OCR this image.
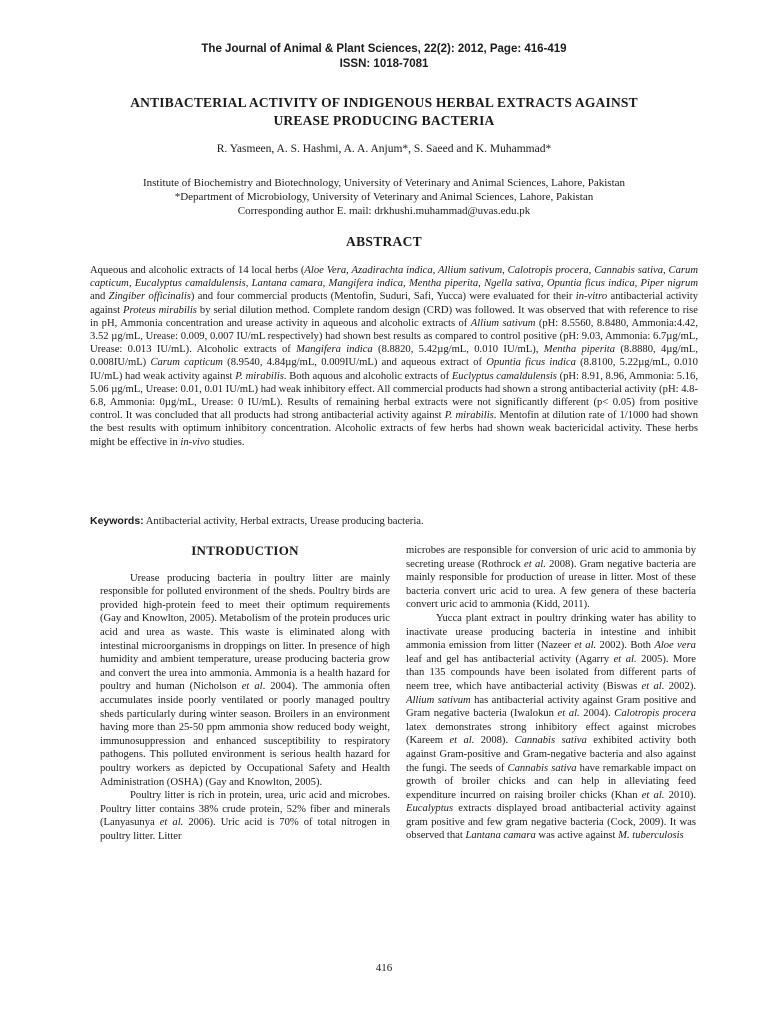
The Journal of Animal & Plant Sciences, 22(2): 2012, Page: 416-419
ISSN: 1018-7081
ANTIBACTERIAL ACTIVITY OF INDIGENOUS HERBAL EXTRACTS AGAINST
UREASE PRODUCING BACTERIA
R. Yasmeen, A. S. Hashmi, A. A. Anjum*, S. Saeed and K. Muhammad*
Institute of Biochemistry and Biotechnology, University of Veterinary and Animal Sciences, Lahore, Pakistan
*Department of Microbiology, University of Veterinary and Animal Sciences, Lahore, Pakistan
Corresponding author E. mail: drkhushi.muhammad@uvas.edu.pk
ABSTRACT
Aqueous and alcoholic extracts of 14 local herbs (Aloe Vera, Azadirachta indica, Allium sativum, Calotropis procera, Cannabis sativa, Carum capticum, Eucalyptus camaldulensis, Lantana camara, Mangifera indica, Mentha piperita, Ngella sativa, Opuntia ficus indica, Piper nigrum and Zingiber officinalis) and four commercial products (Mentofin, Suduri, Safi, Yucca) were evaluated for their in-vitro antibacterial activity against Proteus mirabilis by serial dilution method. Complete random design (CRD) was followed. It was observed that with reference to rise in pH, Ammonia concentration and urease activity in aqueous and alcoholic extracts of Allium sativum (pH: 8.5560, 8.8480, Ammonia:4.42, 3.52 µg/mL, Urease: 0.009, 0.007 IU/mL respectively) had shown best results as compared to control positive (pH: 9.03, Ammonia: 6.7µg/mL, Urease: 0.013 IU/mL). Alcoholic extracts of Mangifera indica (8.8820, 5.42µg/mL, 0.010 IU/mL), Mentha piperita (8.8880, 4µg/mL, 0.008IU/mL) Carum capticum (8.9540, 4.84µg/mL, 0.009IU/mL) and aqueous extract of Opuntia ficus indica (8.8100, 5.22µg/mL, 0.010 IU/mL) had weak activity against P. mirabilis. Both aquous and alcoholic extracts of Euclyptus camaldulensis (pH: 8.91, 8.96, Ammonia: 5.16, 5.06 µg/mL, Urease: 0.01, 0.01 IU/mL) had weak inhibitory effect. All commercial products had shown a strong antibacterial activity (pH: 4.8-6.8, Ammonia: 0µg/mL, Urease: 0 IU/mL). Results of remaining herbal extracts were not significantly different (p< 0.05) from positive control. It was concluded that all products had strong antibacterial activity against P. mirabilis. Mentofin at dilution rate of 1/1000 had shown the best results with optimum inhibitory concentration. Alcoholic extracts of few herbs had shown weak bactericidal activity. These herbs might be effective in in-vivo studies.
Keywords: Antibacterial activity, Herbal extracts, Urease producing bacteria.
INTRODUCTION

Urease producing bacteria in poultry litter are mainly responsible for polluted environment of the sheds. Poultry birds are provided high-protein feed to meet their optimum requirements (Gay and Knowlton, 2005). Metabolism of the protein produces uric acid and urea as waste. This waste is eliminated along with intestinal microorganisms in droppings on litter. In presence of high humidity and ambient temperature, urease producing bacteria grow and convert the urea into ammonia. Ammonia is a health hazard for poultry and human (Nicholson et al. 2004). The ammonia often accumulates inside poorly ventilated or poorly managed poultry sheds particularly during winter season. Broilers in an environment having more than 25-50 ppm ammonia show reduced body weight, immunosuppression and enhanced susceptibility to respiratory pathogens. This polluted environment is serious health hazard for poultry workers as depicted by Occupational Safety and Health Administration (OSHA) (Gay and Knowlton, 2005).

Poultry litter is rich in protein, urea, uric acid and microbes. Poultry litter contains 38% crude protein, 52% fiber and minerals (Lanyasunya et al. 2006). Uric acid is 70% of total nitrogen in poultry litter. Litter

microbes are responsible for conversion of uric acid to ammonia by secreting urease (Rothrock et al. 2008). Gram negative bacteria are mainly responsible for production of urease in litter. Most of these bacteria convert uric acid to urea. A few genera of these bacteria convert uric acid to ammonia (Kidd, 2011).

Yucca plant extract in poultry drinking water has ability to inactivate urease producing bacteria in intestine and inhibit ammonia emission from litter (Nazeer et al. 2002). Both Aloe vera leaf and gel has antibacterial activity (Agarry et al. 2005). More than 135 compounds have been isolated from different parts of neem tree, which have antibacterial activity (Biswas et al. 2002). Allium sativum has antibacterial activity against Gram positive and Gram negative bacteria (Iwalokun et al. 2004). Calotropis procera latex demonstrates strong inhibitory effect against microbes (Kareem et al. 2008). Cannabis sativa exhibited activity both against Gram-positive and Gram-negative bacteria and also against the fungi. The seeds of Cannabis sativa have remarkable impact on growth of broiler chicks and can help in alleviating feed expenditure incurred on raising broiler chicks (Khan et al. 2010). Eucalyptus extracts displayed broad antibacterial activity against gram positive and few gram negative bacteria (Cock, 2009). It was observed that Lantana camara was active against M. tuberculosis

416
